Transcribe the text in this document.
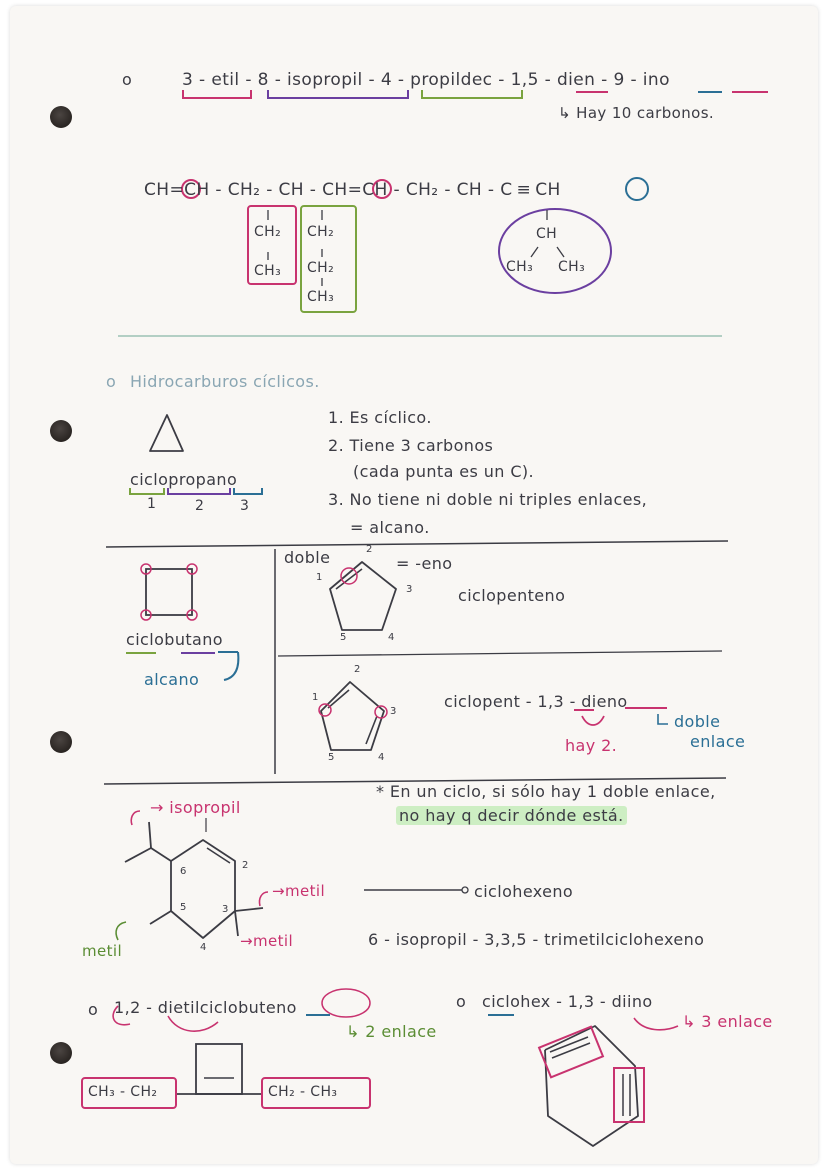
o	3 - etil - 8 - isopropil - 4 - propildec - 1,5 - dien - 9 - ino
↳ Hay 10 carbonos.
CH=CH - CH₂ - CH - CH=CH - CH₂ - CH - C ≡ CH
CH₂
CH₃
CH₂
CH₂
CH₃
CH
CH₃ CH₃
o Hidrocarburos cíclicos.
ciclopropano
1	2	3
1. Es cíclico.
2. Tiene 3 carbonos
(cada punta es un C).
3. No tiene ni doble ni triples enlaces,
= alcano.
ciclobutano
alcano
doble	= -eno
ciclopenteno
1
2
3
4
5
ciclopent - 1,3 - dieno
doble
enlace
hay 2.
1
2
3
4
5
* En un ciclo, si sólo hay 1 doble enlace,
no hay q decir dónde está.
→ isopropil
→metil
→metil
metil
ciclohexeno
6 - isopropil - 3,3,5 - trimetilciclohexeno
2
3
4
5
6
o 1,2 - dietilciclobuteno
↳ 2 enlace
CH₃ - CH₂	CH₂ - CH₃
o ciclohex - 1,3 - diino
↳ 3 enlace
